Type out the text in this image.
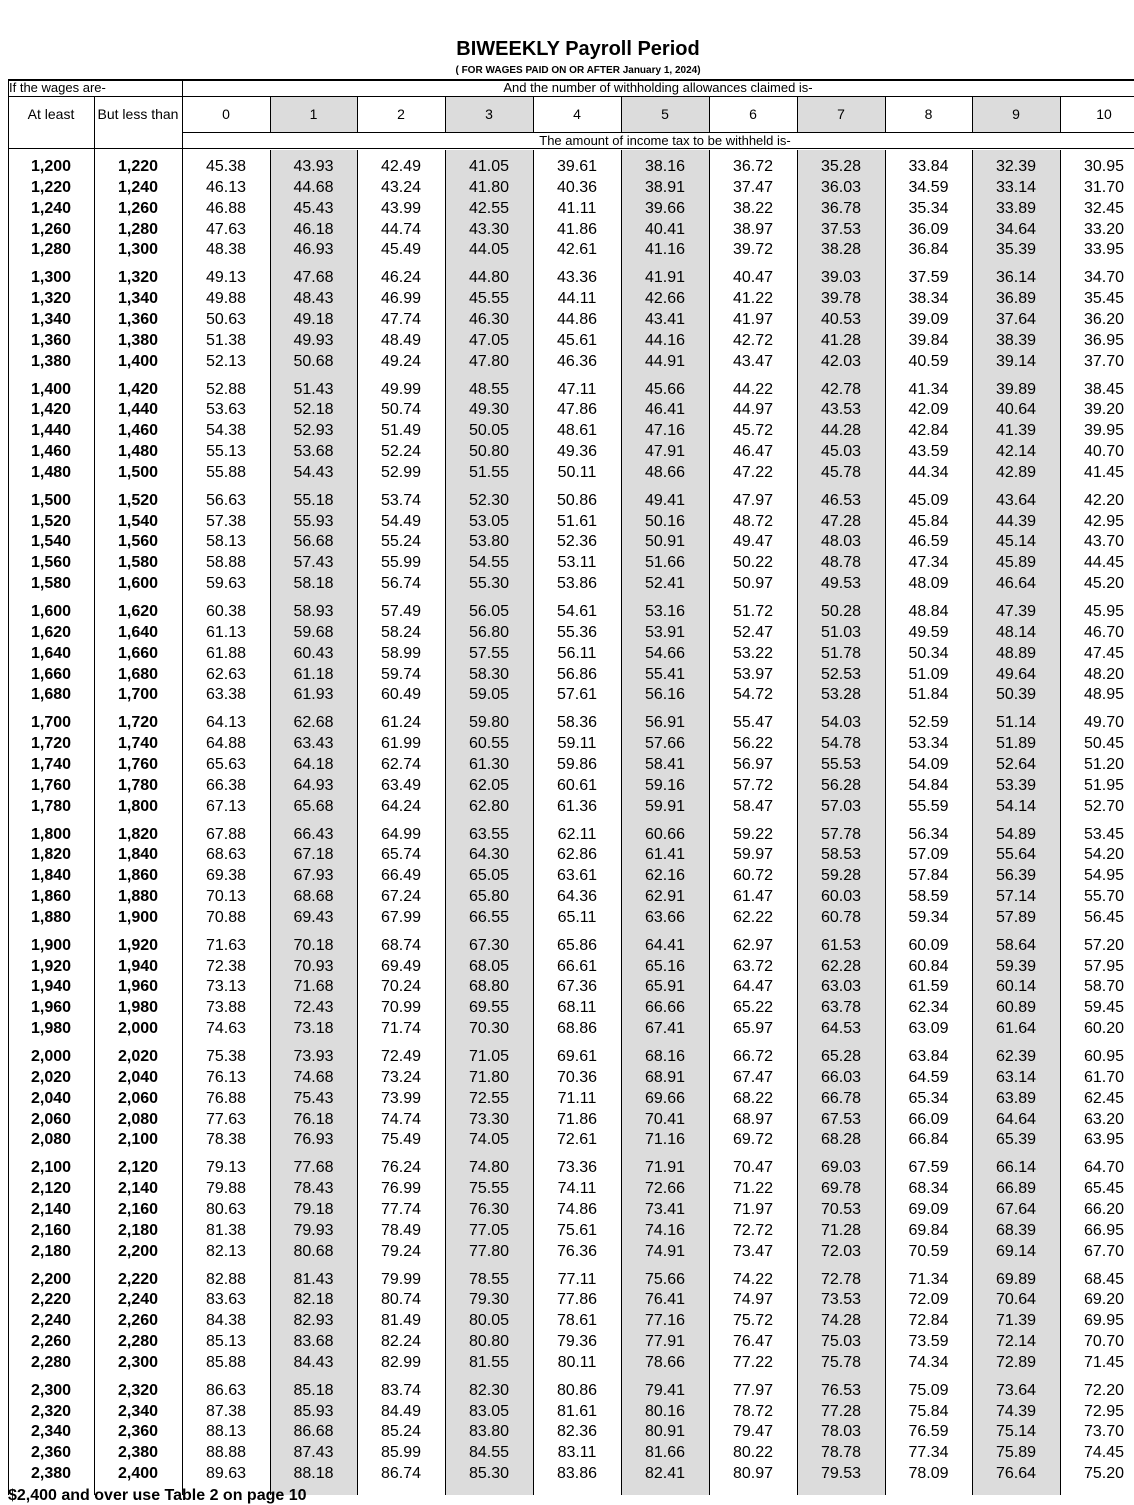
BIWEEKLY Payroll Period
( FOR WAGES PAID ON OR AFTER January 1, 2024)
If the wages are-	And the number of withholding allowances claimed is-
At least	But less than	0	1	2	3	4	5	6	7	8	9	10
The amount of income tax to be withheld is-
1,200	1,220	45.38	43.93	42.49	41.05	39.61	38.16	36.72	35.28	33.84	32.39	30.95
1,220	1,240	46.13	44.68	43.24	41.80	40.36	38.91	37.47	36.03	34.59	33.14	31.70
1,240	1,260	46.88	45.43	43.99	42.55	41.11	39.66	38.22	36.78	35.34	33.89	32.45
1,260	1,280	47.63	46.18	44.74	43.30	41.86	40.41	38.97	37.53	36.09	34.64	33.20
1,280	1,300	48.38	46.93	45.49	44.05	42.61	41.16	39.72	38.28	36.84	35.39	33.95
1,300	1,320	49.13	47.68	46.24	44.80	43.36	41.91	40.47	39.03	37.59	36.14	34.70
1,320	1,340	49.88	48.43	46.99	45.55	44.11	42.66	41.22	39.78	38.34	36.89	35.45
1,340	1,360	50.63	49.18	47.74	46.30	44.86	43.41	41.97	40.53	39.09	37.64	36.20
1,360	1,380	51.38	49.93	48.49	47.05	45.61	44.16	42.72	41.28	39.84	38.39	36.95
1,380	1,400	52.13	50.68	49.24	47.80	46.36	44.91	43.47	42.03	40.59	39.14	37.70
1,400	1,420	52.88	51.43	49.99	48.55	47.11	45.66	44.22	42.78	41.34	39.89	38.45
1,420	1,440	53.63	52.18	50.74	49.30	47.86	46.41	44.97	43.53	42.09	40.64	39.20
1,440	1,460	54.38	52.93	51.49	50.05	48.61	47.16	45.72	44.28	42.84	41.39	39.95
1,460	1,480	55.13	53.68	52.24	50.80	49.36	47.91	46.47	45.03	43.59	42.14	40.70
1,480	1,500	55.88	54.43	52.99	51.55	50.11	48.66	47.22	45.78	44.34	42.89	41.45
1,500	1,520	56.63	55.18	53.74	52.30	50.86	49.41	47.97	46.53	45.09	43.64	42.20
1,520	1,540	57.38	55.93	54.49	53.05	51.61	50.16	48.72	47.28	45.84	44.39	42.95
1,540	1,560	58.13	56.68	55.24	53.80	52.36	50.91	49.47	48.03	46.59	45.14	43.70
1,560	1,580	58.88	57.43	55.99	54.55	53.11	51.66	50.22	48.78	47.34	45.89	44.45
1,580	1,600	59.63	58.18	56.74	55.30	53.86	52.41	50.97	49.53	48.09	46.64	45.20
1,600	1,620	60.38	58.93	57.49	56.05	54.61	53.16	51.72	50.28	48.84	47.39	45.95
1,620	1,640	61.13	59.68	58.24	56.80	55.36	53.91	52.47	51.03	49.59	48.14	46.70
1,640	1,660	61.88	60.43	58.99	57.55	56.11	54.66	53.22	51.78	50.34	48.89	47.45
1,660	1,680	62.63	61.18	59.74	58.30	56.86	55.41	53.97	52.53	51.09	49.64	48.20
1,680	1,700	63.38	61.93	60.49	59.05	57.61	56.16	54.72	53.28	51.84	50.39	48.95
1,700	1,720	64.13	62.68	61.24	59.80	58.36	56.91	55.47	54.03	52.59	51.14	49.70
1,720	1,740	64.88	63.43	61.99	60.55	59.11	57.66	56.22	54.78	53.34	51.89	50.45
1,740	1,760	65.63	64.18	62.74	61.30	59.86	58.41	56.97	55.53	54.09	52.64	51.20
1,760	1,780	66.38	64.93	63.49	62.05	60.61	59.16	57.72	56.28	54.84	53.39	51.95
1,780	1,800	67.13	65.68	64.24	62.80	61.36	59.91	58.47	57.03	55.59	54.14	52.70
1,800	1,820	67.88	66.43	64.99	63.55	62.11	60.66	59.22	57.78	56.34	54.89	53.45
1,820	1,840	68.63	67.18	65.74	64.30	62.86	61.41	59.97	58.53	57.09	55.64	54.20
1,840	1,860	69.38	67.93	66.49	65.05	63.61	62.16	60.72	59.28	57.84	56.39	54.95
1,860	1,880	70.13	68.68	67.24	65.80	64.36	62.91	61.47	60.03	58.59	57.14	55.70
1,880	1,900	70.88	69.43	67.99	66.55	65.11	63.66	62.22	60.78	59.34	57.89	56.45
1,900	1,920	71.63	70.18	68.74	67.30	65.86	64.41	62.97	61.53	60.09	58.64	57.20
1,920	1,940	72.38	70.93	69.49	68.05	66.61	65.16	63.72	62.28	60.84	59.39	57.95
1,940	1,960	73.13	71.68	70.24	68.80	67.36	65.91	64.47	63.03	61.59	60.14	58.70
1,960	1,980	73.88	72.43	70.99	69.55	68.11	66.66	65.22	63.78	62.34	60.89	59.45
1,980	2,000	74.63	73.18	71.74	70.30	68.86	67.41	65.97	64.53	63.09	61.64	60.20
2,000	2,020	75.38	73.93	72.49	71.05	69.61	68.16	66.72	65.28	63.84	62.39	60.95
2,020	2,040	76.13	74.68	73.24	71.80	70.36	68.91	67.47	66.03	64.59	63.14	61.70
2,040	2,060	76.88	75.43	73.99	72.55	71.11	69.66	68.22	66.78	65.34	63.89	62.45
2,060	2,080	77.63	76.18	74.74	73.30	71.86	70.41	68.97	67.53	66.09	64.64	63.20
2,080	2,100	78.38	76.93	75.49	74.05	72.61	71.16	69.72	68.28	66.84	65.39	63.95
2,100	2,120	79.13	77.68	76.24	74.80	73.36	71.91	70.47	69.03	67.59	66.14	64.70
2,120	2,140	79.88	78.43	76.99	75.55	74.11	72.66	71.22	69.78	68.34	66.89	65.45
2,140	2,160	80.63	79.18	77.74	76.30	74.86	73.41	71.97	70.53	69.09	67.64	66.20
2,160	2,180	81.38	79.93	78.49	77.05	75.61	74.16	72.72	71.28	69.84	68.39	66.95
2,180	2,200	82.13	80.68	79.24	77.80	76.36	74.91	73.47	72.03	70.59	69.14	67.70
2,200	2,220	82.88	81.43	79.99	78.55	77.11	75.66	74.22	72.78	71.34	69.89	68.45
2,220	2,240	83.63	82.18	80.74	79.30	77.86	76.41	74.97	73.53	72.09	70.64	69.20
2,240	2,260	84.38	82.93	81.49	80.05	78.61	77.16	75.72	74.28	72.84	71.39	69.95
2,260	2,280	85.13	83.68	82.24	80.80	79.36	77.91	76.47	75.03	73.59	72.14	70.70
2,280	2,300	85.88	84.43	82.99	81.55	80.11	78.66	77.22	75.78	74.34	72.89	71.45
2,300	2,320	86.63	85.18	83.74	82.30	80.86	79.41	77.97	76.53	75.09	73.64	72.20
2,320	2,340	87.38	85.93	84.49	83.05	81.61	80.16	78.72	77.28	75.84	74.39	72.95
2,340	2,360	88.13	86.68	85.24	83.80	82.36	80.91	79.47	78.03	76.59	75.14	73.70
2,360	2,380	88.88	87.43	85.99	84.55	83.11	81.66	80.22	78.78	77.34	75.89	74.45
2,380	2,400	89.63	88.18	86.74	85.30	83.86	82.41	80.97	79.53	78.09	76.64	75.20
$2,400 and over use Table 2 on page 10
